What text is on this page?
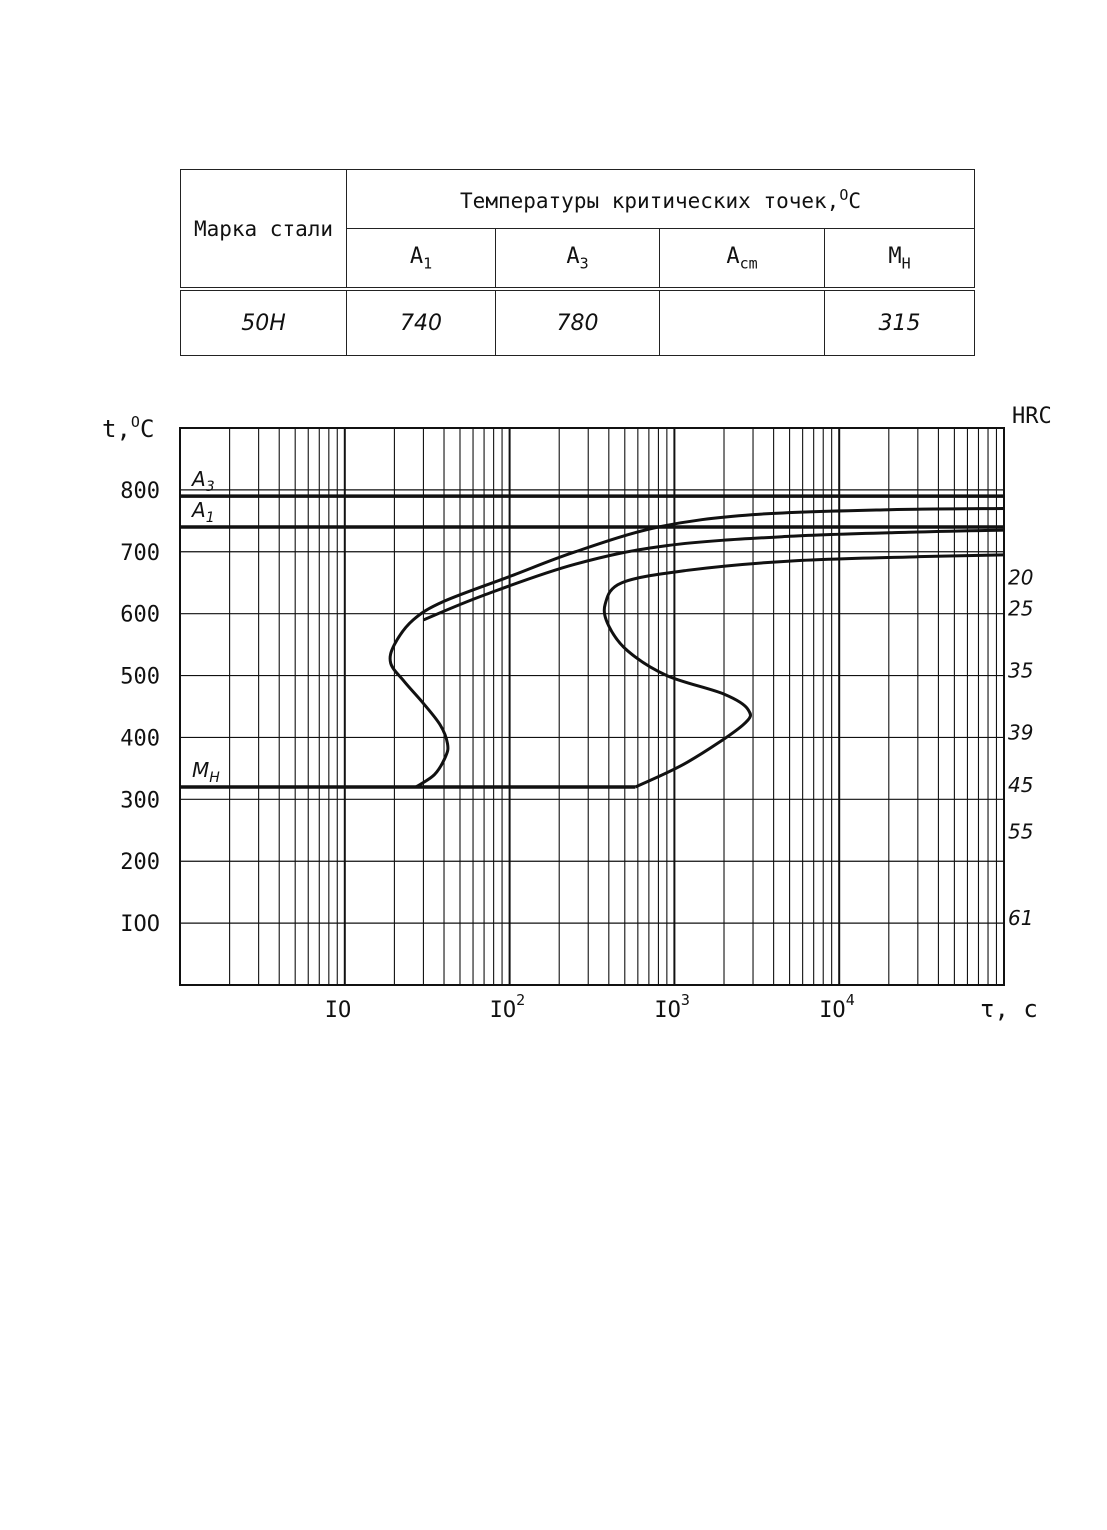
Марка стали	Температуры критических точек,$^O$C			
	$A_1$	$A_3$	$A_{cm}$	$M_Н$
50Н	740	780		315
$A_3$
$A_1$
$M_Н$
IOO
200
300
400
500
600
700
800
IO	$IO^2$	$IO^3$	$IO^4$
20
25
35
39
45
55
61
t,$^O$C	HRC
τ, с
